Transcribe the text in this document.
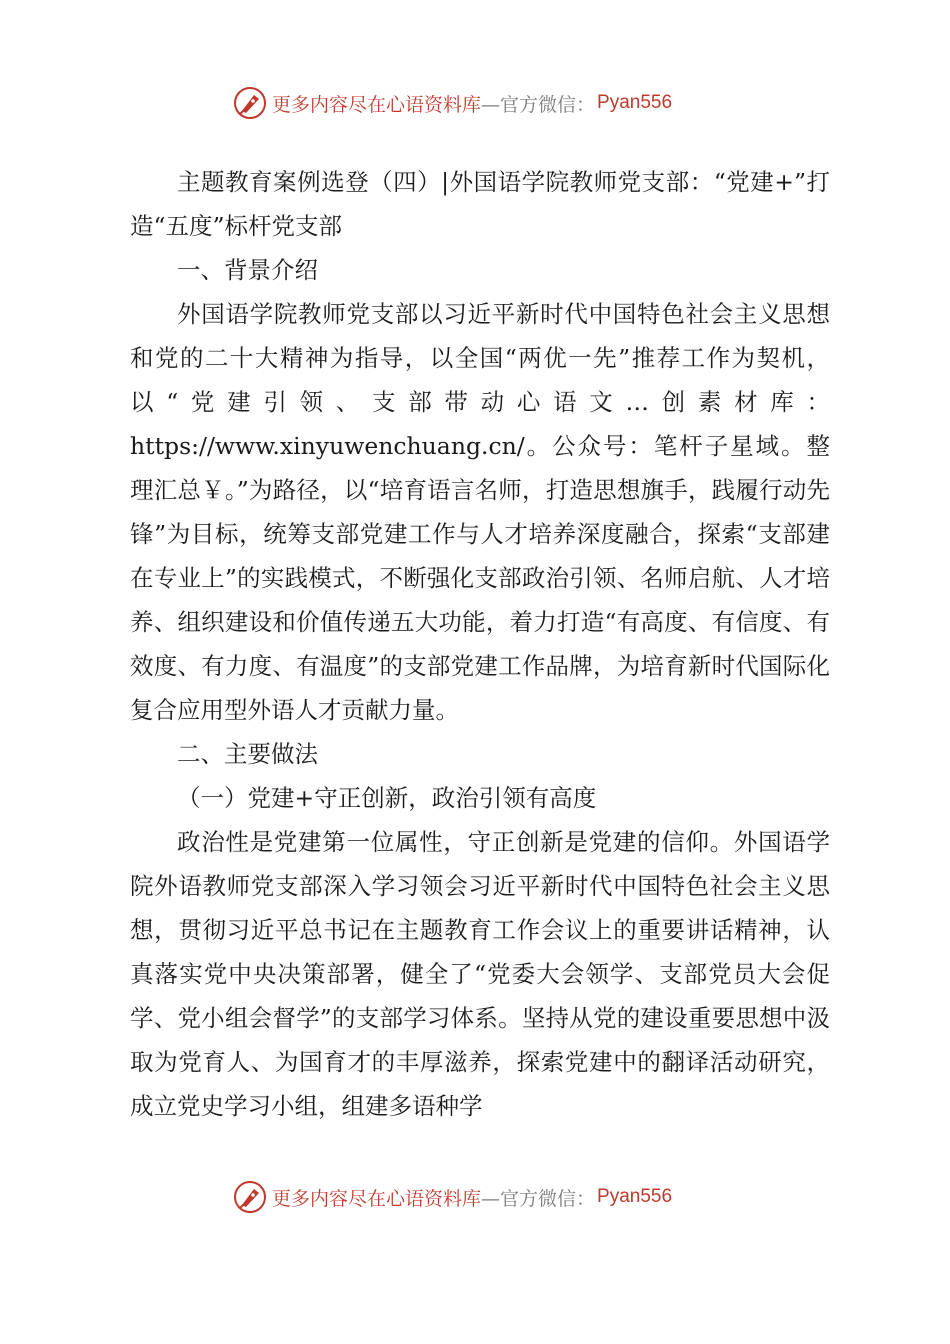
更多内容尽在心语资料库 —官方微信： Pyan556

主题教育案例选登（四）|外国语学院教师党支部：“党建+”打造“五度”标杆党支部

一、背景介绍

外国语学院教师党支部以习近平新时代中国特色社会主义思想和党的二十大精神为指导，以全国“两优一先”推荐工作为契机，以“党建引领、支部带动心语文…创素材库：https://www.xinyuwenchuang.cn/。公众号：笔杆子星域。整理汇总￥。”为路径，以“培育语言名师，打造思想旗手，践履行动先锋”为目标，统筹支部党建工作与人才培养深度融合，探索“支部建在专业上”的实践模式，不断强化支部政治引领、名师启航、人才培养、组织建设和价值传递五大功能，着力打造“有高度、有信度、有效度、有力度、有温度”的支部党建工作品牌，为培育新时代国际化复合应用型外语人才贡献力量。

二、主要做法

（一）党建+守正创新，政治引领有高度

政治性是党建第一位属性，守正创新是党建的信仰。外国语学院外语教师党支部深入学习领会习近平新时代中国特色社会主义思想，贯彻习近平总书记在主题教育工作会议上的重要讲话精神，认真落实党中央决策部署，健全了“党委大会领学、支部党员大会促学、党小组会督学”的支部学习体系。坚持从党的建设重要思想中汲取为党育人、为国育才的丰厚滋养，探索党建中的翻译活动研究，成立党史学习小组，组建多语种学

更多内容尽在心语资料库 —官方微信： Pyan556
